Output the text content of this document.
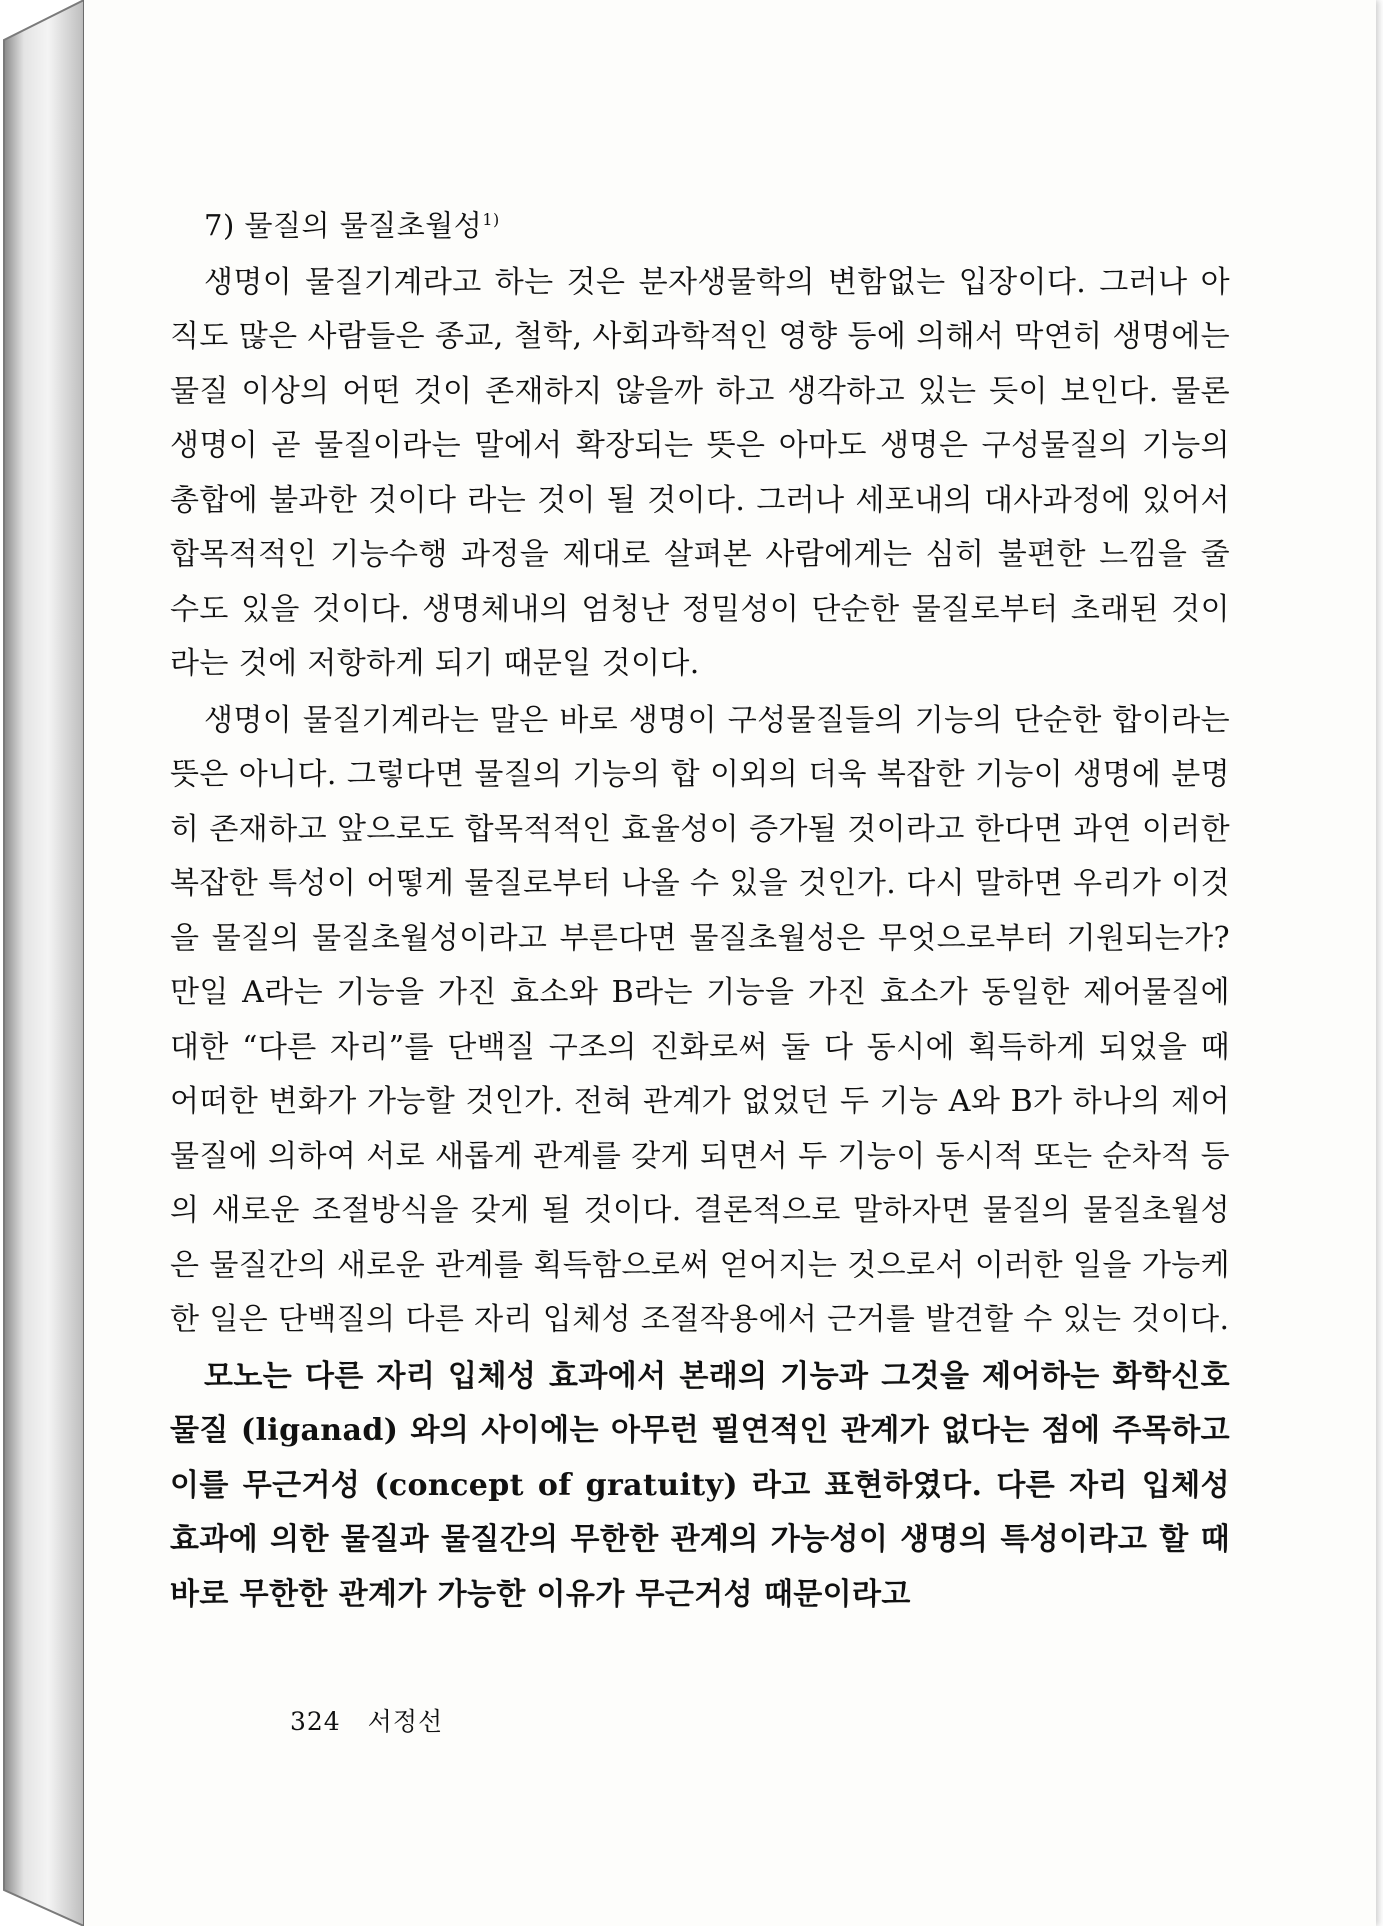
7) 물질의 물질초월성$^{1)}$

생명이 물질기계라고 하는 것은 분자생물학의 변함없는 입장이다. 그러나 아직도 많은 사람들은 종교, 철학, 사회과학적인 영향 등에 의해서 막연히 생명에는 물질 이상의 어떤 것이 존재하지 않을까 하고 생각하고 있는 듯이 보인다. 물론 생명이 곧 물질이라는 말에서 확장되는 뜻은 아마도 생명은 구성물질의 기능의 총합에 불과한 것이다 라는 것이 될 것이다. 그러나 세포내의 대사과정에 있어서 합목적적인 기능수행 과정을 제대로 살펴본 사람에게는 심히 불편한 느낌을 줄 수도 있을 것이다. 생명체내의 엄청난 정밀성이 단순한 물질로부터 초래된 것이라는 것에 저항하게 되기 때문일 것이다.

생명이 물질기계라는 말은 바로 생명이 구성물질들의 기능의 단순한 합이라는 뜻은 아니다. 그렇다면 물질의 기능의 합 이외의 더욱 복잡한 기능이 생명에 분명히 존재하고 앞으로도 합목적적인 효율성이 증가될 것이라고 한다면 과연 이러한 복잡한 특성이 어떻게 물질로부터 나올 수 있을 것인가. 다시 말하면 우리가 이것을 물질의 물질초월성이라고 부른다면 물질초월성은 무엇으로부터 기원되는가? 만일 A라는 기능을 가진 효소와 B라는 기능을 가진 효소가 동일한 제어물질에 대한 “다른 자리”를 단백질 구조의 진화로써 둘 다 동시에 획득하게 되었을 때 어떠한 변화가 가능할 것인가. 전혀 관계가 없었던 두 기능 A와 B가 하나의 제어물질에 의하여 서로 새롭게 관계를 갖게 되면서 두 기능이 동시적 또는 순차적 등의 새로운 조절방식을 갖게 될 것이다. 결론적으로 말하자면 물질의 물질초월성은 물질간의 새로운 관계를 획득함으로써 얻어지는 것으로서 이러한 일을 가능케 한 일은 단백질의 다른 자리 입체성 조절작용에서 근거를 발견할 수 있는 것이다.

모노는 다른 자리 입체성 효과에서 본래의 기능과 그것을 제어하는 화학신호물질 (liganad) 와의 사이에는 아무런 필연적인 관계가 없다는 점에 주목하고 이를 무근거성 (concept of gratuity) 라고 표현하였다. 다른 자리 입체성 효과에 의한 물질과 물질간의 무한한 관계의 가능성이 생명의 특성이라고 할 때 바로 무한한 관계가 가능한 이유가 무근거성 때문이라고

324 서정선
